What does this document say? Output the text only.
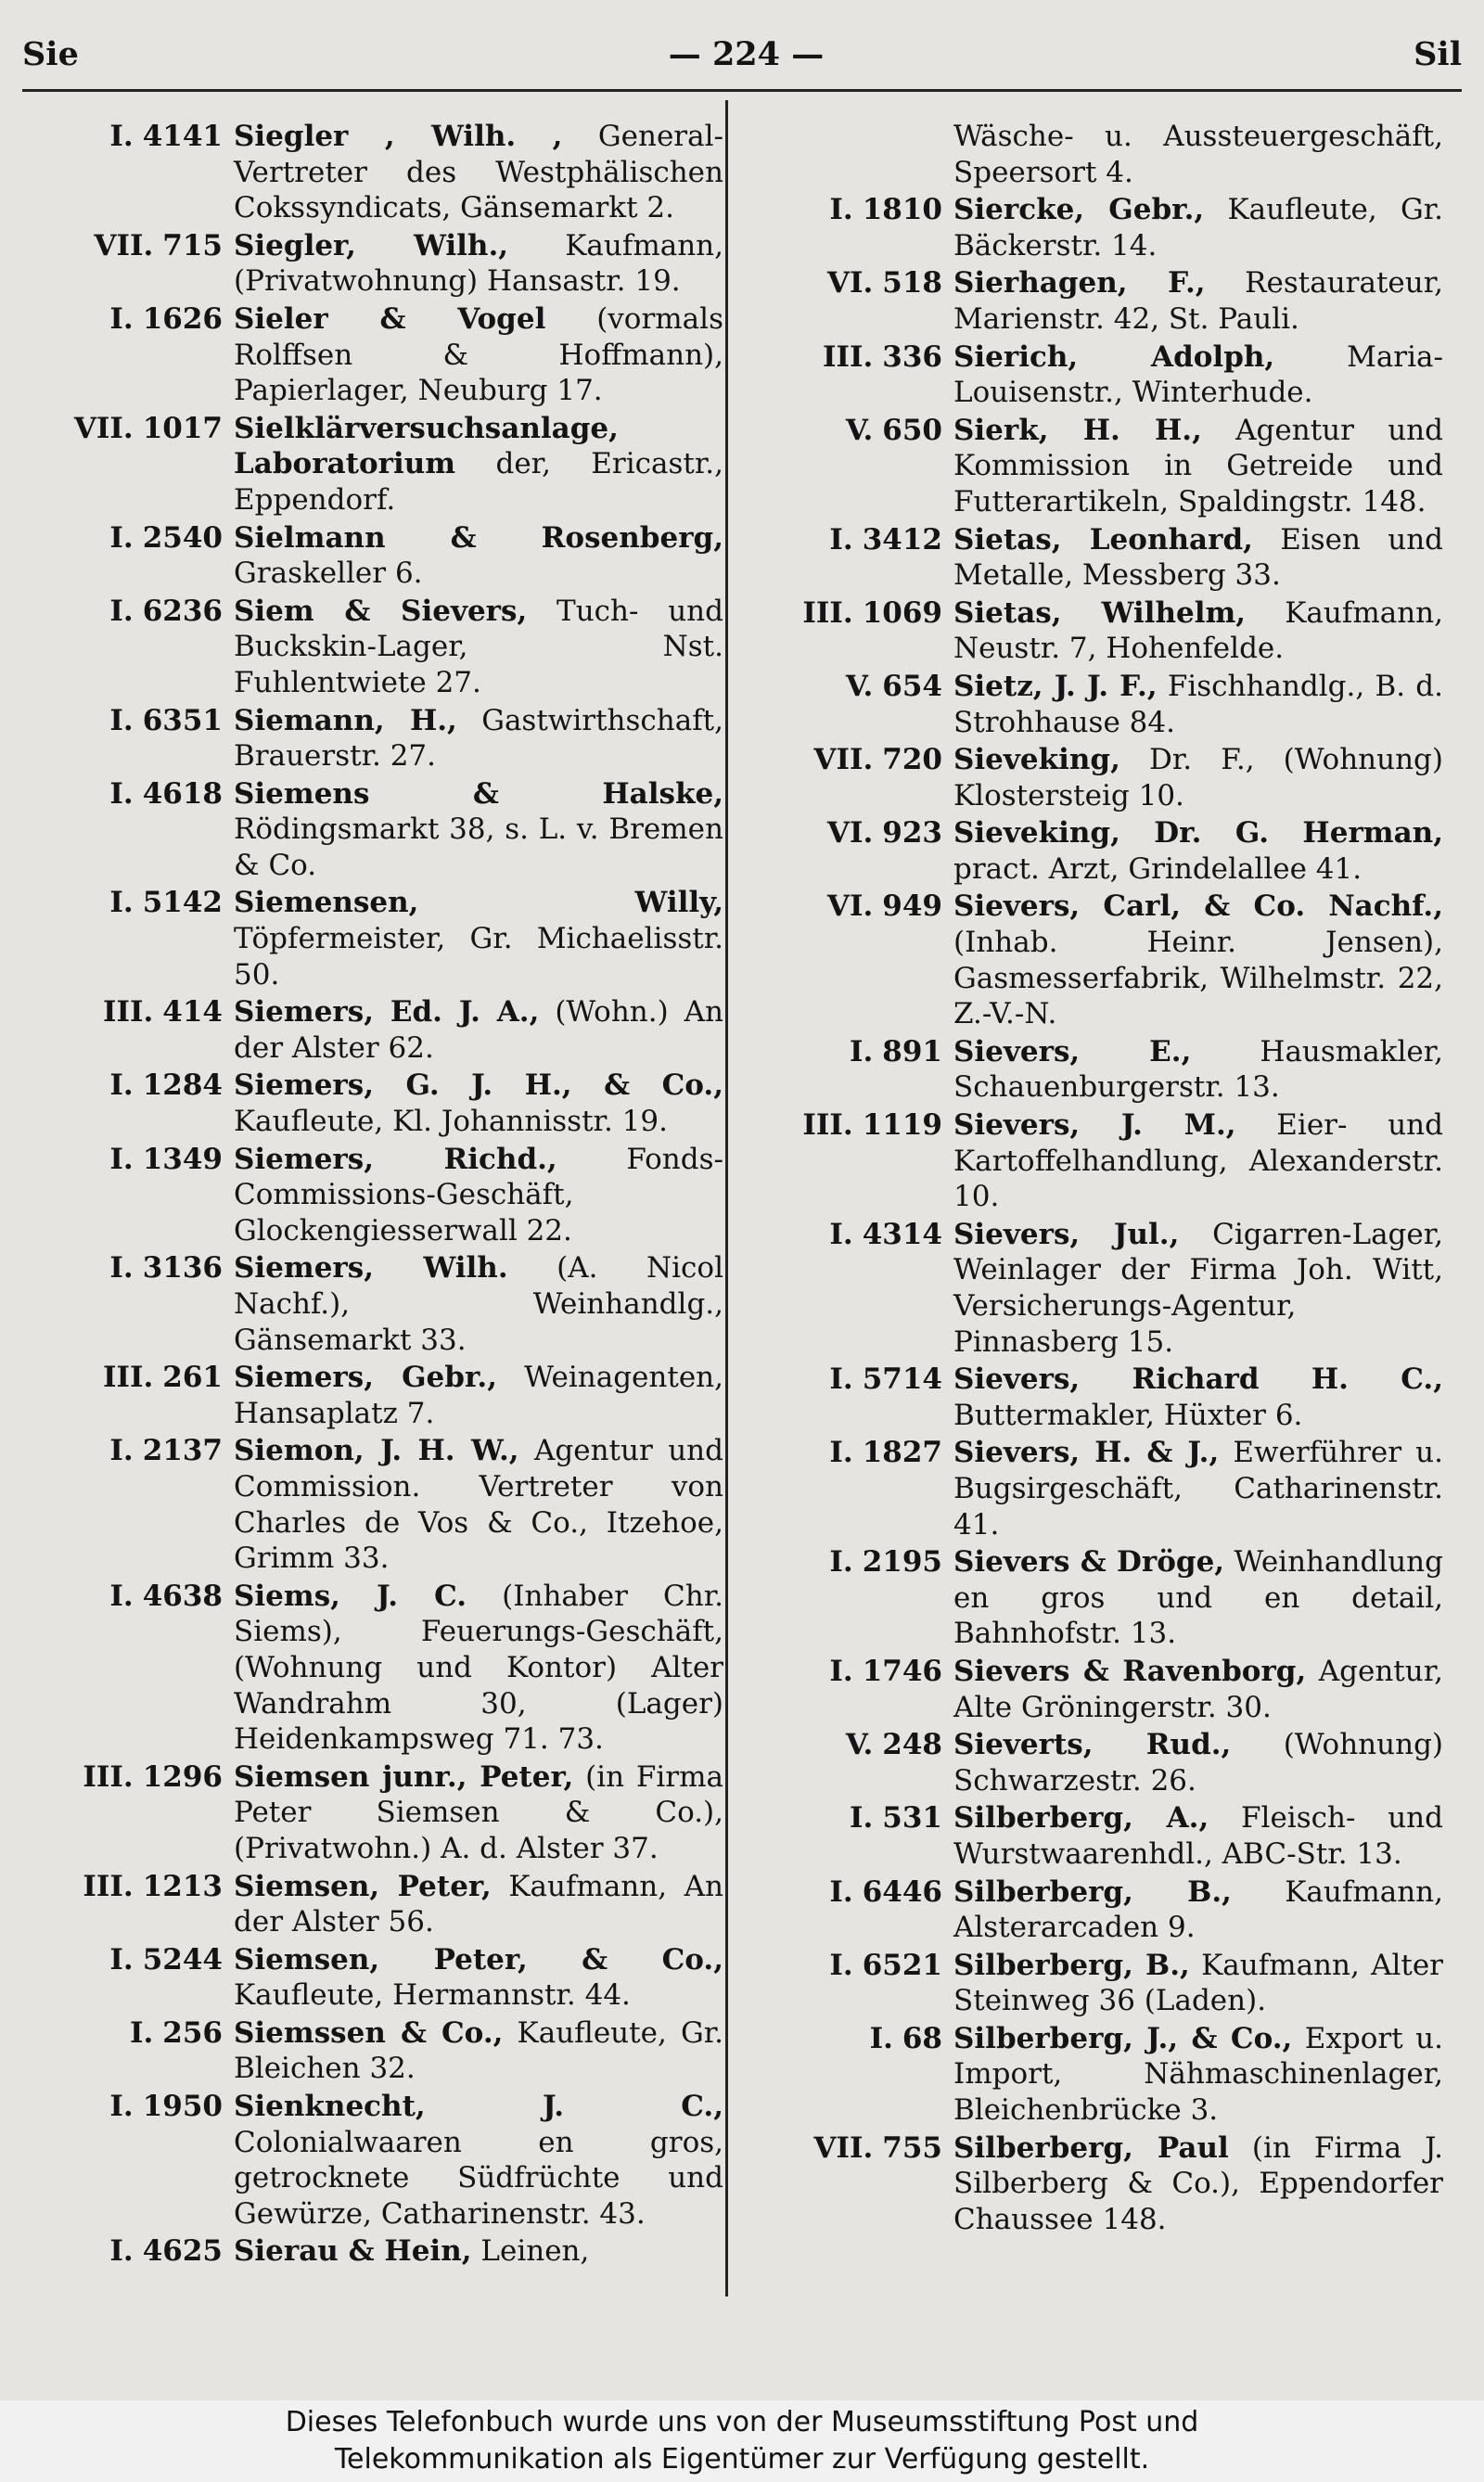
Sie	— 224 —	Sil
I. 4141 Siegler , Wilh. , General-Vertreter des Westphälischen Cokssyndicats, Gänsemarkt 2.
VII. 715 Siegler, Wilh., Kaufmann, (Privatwohnung) Hansastr. 19.
I. 1626 Sieler & Vogel (vormals Rolffsen & Hoffmann), Papierlager, Neuburg 17.
VII. 1017 Sielklärversuchsanlage, Laboratorium der, Ericastr., Eppendorf.
I. 2540 Sielmann & Rosenberg, Graskeller 6.
I. 6236 Siem & Sievers, Tuch- und Buckskin-Lager, Nst. Fuhlentwiete 27.
I. 6351 Siemann, H., Gastwirthschaft, Brauerstr. 27.
I. 4618 Siemens & Halske, Rödingsmarkt 38, s. L. v. Bremen & Co.
I. 5142 Siemensen, Willy, Töpfermeister, Gr. Michaelisstr. 50.
III. 414 Siemers, Ed. J. A., (Wohn.) An der Alster 62.
I. 1284 Siemers, G. J. H., & Co., Kaufleute, Kl. Johannisstr. 19.
I. 1349 Siemers, Richd., Fonds-Commissions-Geschäft, Glockengiesserwall 22.
I. 3136 Siemers, Wilh. (A. Nicol Nachf.), Weinhandlg., Gänsemarkt 33.
III. 261 Siemers, Gebr., Weinagenten, Hansaplatz 7.
I. 2137 Siemon, J. H. W., Agentur und Commission. Vertreter von Charles de Vos & Co., Itzehoe, Grimm 33.
I. 4638 Siems, J. C. (Inhaber Chr. Siems), Feuerungs-Geschäft, (Wohnung und Kontor) Alter Wandrahm 30, (Lager) Heidenkampsweg 71. 73.
III. 1296 Siemsen junr., Peter, (in Firma Peter Siemsen & Co.), (Privatwohn.) A. d. Alster 37.
III. 1213 Siemsen, Peter, Kaufmann, An der Alster 56.
I. 5244 Siemsen, Peter, & Co., Kaufleute, Hermannstr. 44.
I. 256 Siemssen & Co., Kaufleute, Gr. Bleichen 32.
I. 1950 Sienknecht, J. C., Colonialwaaren en gros, getrocknete Südfrüchte und Gewürze, Catharinenstr. 43.
I. 4625 Sierau & Hein, Leinen,
Wäsche- u. Aussteuergeschäft, Speersort 4.
I. 1810 Siercke, Gebr., Kaufleute, Gr. Bäckerstr. 14.
VI. 518 Sierhagen, F., Restaurateur, Marienstr. 42, St. Pauli.
III. 336 Sierich, Adolph, Maria-Louisenstr., Winterhude.
V. 650 Sierk, H. H., Agentur und Kommission in Getreide und Futterartikeln, Spaldingstr. 148.
I. 3412 Sietas, Leonhard, Eisen und Metalle, Messberg 33.
III. 1069 Sietas, Wilhelm, Kaufmann, Neustr. 7, Hohenfelde.
V. 654 Sietz, J. J. F., Fischhandlg., B. d. Strohhause 84.
VII. 720 Sieveking, Dr. F., (Wohnung) Klostersteig 10.
VI. 923 Sieveking, Dr. G. Herman, pract. Arzt, Grindelallee 41.
VI. 949 Sievers, Carl, & Co. Nachf., (Inhab. Heinr. Jensen), Gasmesserfabrik, Wilhelmstr. 22, Z.-V.-N.
I. 891 Sievers, E., Hausmakler, Schauenburgerstr. 13.
III. 1119 Sievers, J. M., Eier- und Kartoffelhandlung, Alexanderstr. 10.
I. 4314 Sievers, Jul., Cigarren-Lager, Weinlager der Firma Joh. Witt, Versicherungs-Agentur, Pinnasberg 15.
I. 5714 Sievers, Richard H. C., Buttermakler, Hüxter 6.
I. 1827 Sievers, H. & J., Ewerführer u. Bugsirgeschäft, Catharinenstr. 41.
I. 2195 Sievers & Dröge, Weinhandlung en gros und en detail, Bahnhofstr. 13.
I. 1746 Sievers & Ravenborg, Agentur, Alte Gröningerstr. 30.
V. 248 Sieverts, Rud., (Wohnung) Schwarzestr. 26.
I. 531 Silberberg, A., Fleisch- und Wurstwaarenhdl., ABC-Str. 13.
I. 6446 Silberberg, B., Kaufmann, Alsterarcaden 9.
I. 6521 Silberberg, B., Kaufmann, Alter Steinweg 36 (Laden).
I. 68 Silberberg, J., & Co., Export u. Import, Nähmaschinenlager, Bleichenbrücke 3.
VII. 755 Silberberg, Paul (in Firma J. Silberberg & Co.), Eppendorfer Chaussee 148.
Dieses Telefonbuch wurde uns von der Museumsstiftung Post und
Telekommunikation als Eigentümer zur Verfügung gestellt.
